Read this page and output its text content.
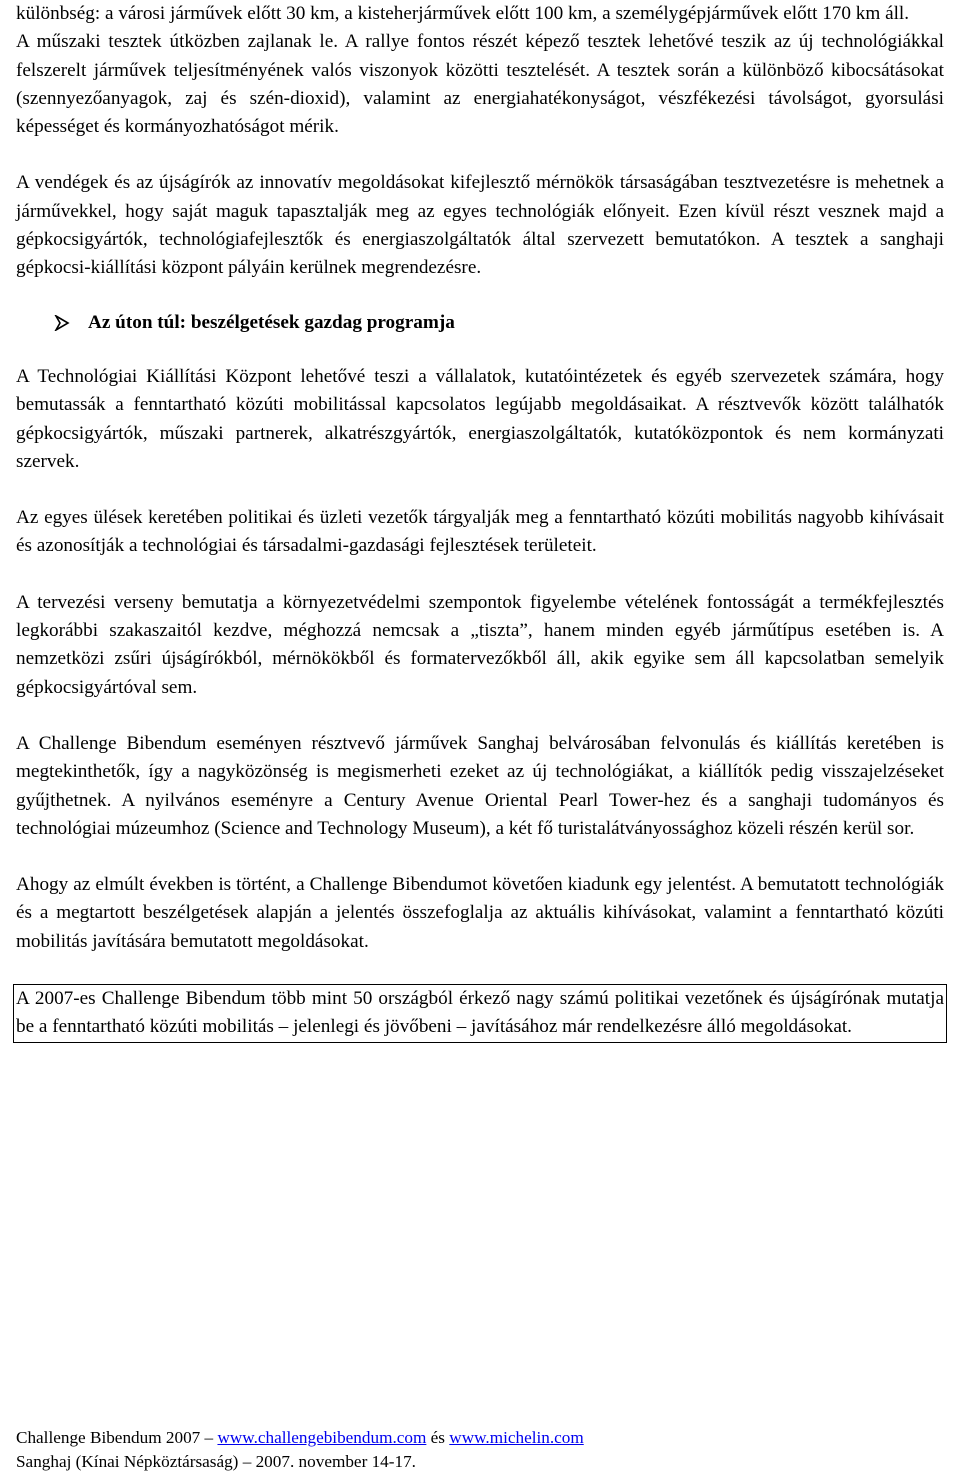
különbség: a városi járművek előtt 30 km, a kisteherjárművek előtt 100 km, a személygépjárművek előtt 170 km áll.

A műszaki tesztek útközben zajlanak le. A rallye fontos részét képező tesztek lehetővé teszik az új technológiákkal felszerelt járművek teljesítményének valós viszonyok közötti tesztelését. A tesztek során a különböző kibocsátásokat (szennyezőanyagok, zaj és szén-dioxid), valamint az energiahatékonyságot, vészfékezési távolságot, gyorsulási képességet és kormányozhatóságot mérik.

A vendégek és az újságírók az innovatív megoldásokat kifejlesztő mérnökök társaságában tesztvezetésre is mehetnek a járművekkel, hogy saját maguk tapasztalják meg az egyes technológiák előnyeit. Ezen kívül részt vesznek majd a gépkocsigyártók, technológiafejlesztők és energiaszolgáltatók által szervezett bemutatókon. A tesztek a sanghaji gépkocsi-kiállítási központ pályáin kerülnek megrendezésre.

Az úton túl: beszélgetések gazdag programja

A Technológiai Kiállítási Központ lehetővé teszi a vállalatok, kutatóintézetek és egyéb szervezetek számára, hogy bemutassák a fenntartható közúti mobilitással kapcsolatos legújabb megoldásaikat. A résztvevők között találhatók gépkocsigyártók, műszaki partnerek, alkatrészgyártók, energiaszolgáltatók, kutatóközpontok és nem kormányzati szervek.

Az egyes ülések keretében politikai és üzleti vezetők tárgyalják meg a fenntartható közúti mobilitás nagyobb kihívásait és azonosítják a technológiai és társadalmi-gazdasági fejlesztések területeit.

A tervezési verseny bemutatja a környezetvédelmi szempontok figyelembe vételének fontosságát a termékfejlesztés legkorábbi szakaszaitól kezdve, méghozzá nemcsak a „tiszta”, hanem minden egyéb járműtípus esetében is. A nemzetközi zsűri újságírókból, mérnökökből és formatervezőkből áll, akik egyike sem áll kapcsolatban semelyik gépkocsigyártóval sem.

A Challenge Bibendum eseményen résztvevő járművek Sanghaj belvárosában felvonulás és kiállítás keretében is megtekinthetők, így a nagyközönség is megismerheti ezeket az új technológiákat, a kiállítók pedig visszajelzéseket gyűjthetnek. A nyilvános eseményre a Century Avenue Oriental Pearl Tower-hez és a sanghaji tudományos és technológiai múzeumhoz (Science and Technology Museum), a két fő turistalátványossághoz közeli részén kerül sor.

Ahogy az elmúlt években is történt, a Challenge Bibendumot követően kiadunk egy jelentést. A bemutatott technológiák és a megtartott beszélgetések alapján a jelentés összefoglalja az aktuális kihívásokat, valamint a fenntartható közúti mobilitás javítására bemutatott megoldásokat.

A 2007-es Challenge Bibendum több mint 50 országból érkező nagy számú politikai vezetőnek és újságírónak mutatja be a fenntartható közúti mobilitás – jelenlegi és jövőbeni – javításához már rendelkezésre álló megoldásokat.

Challenge Bibendum 2007 – www.challengebibendum.com és www.michelin.com
Sanghaj (Kínai Népköztársaság) – 2007. november 14-17.
